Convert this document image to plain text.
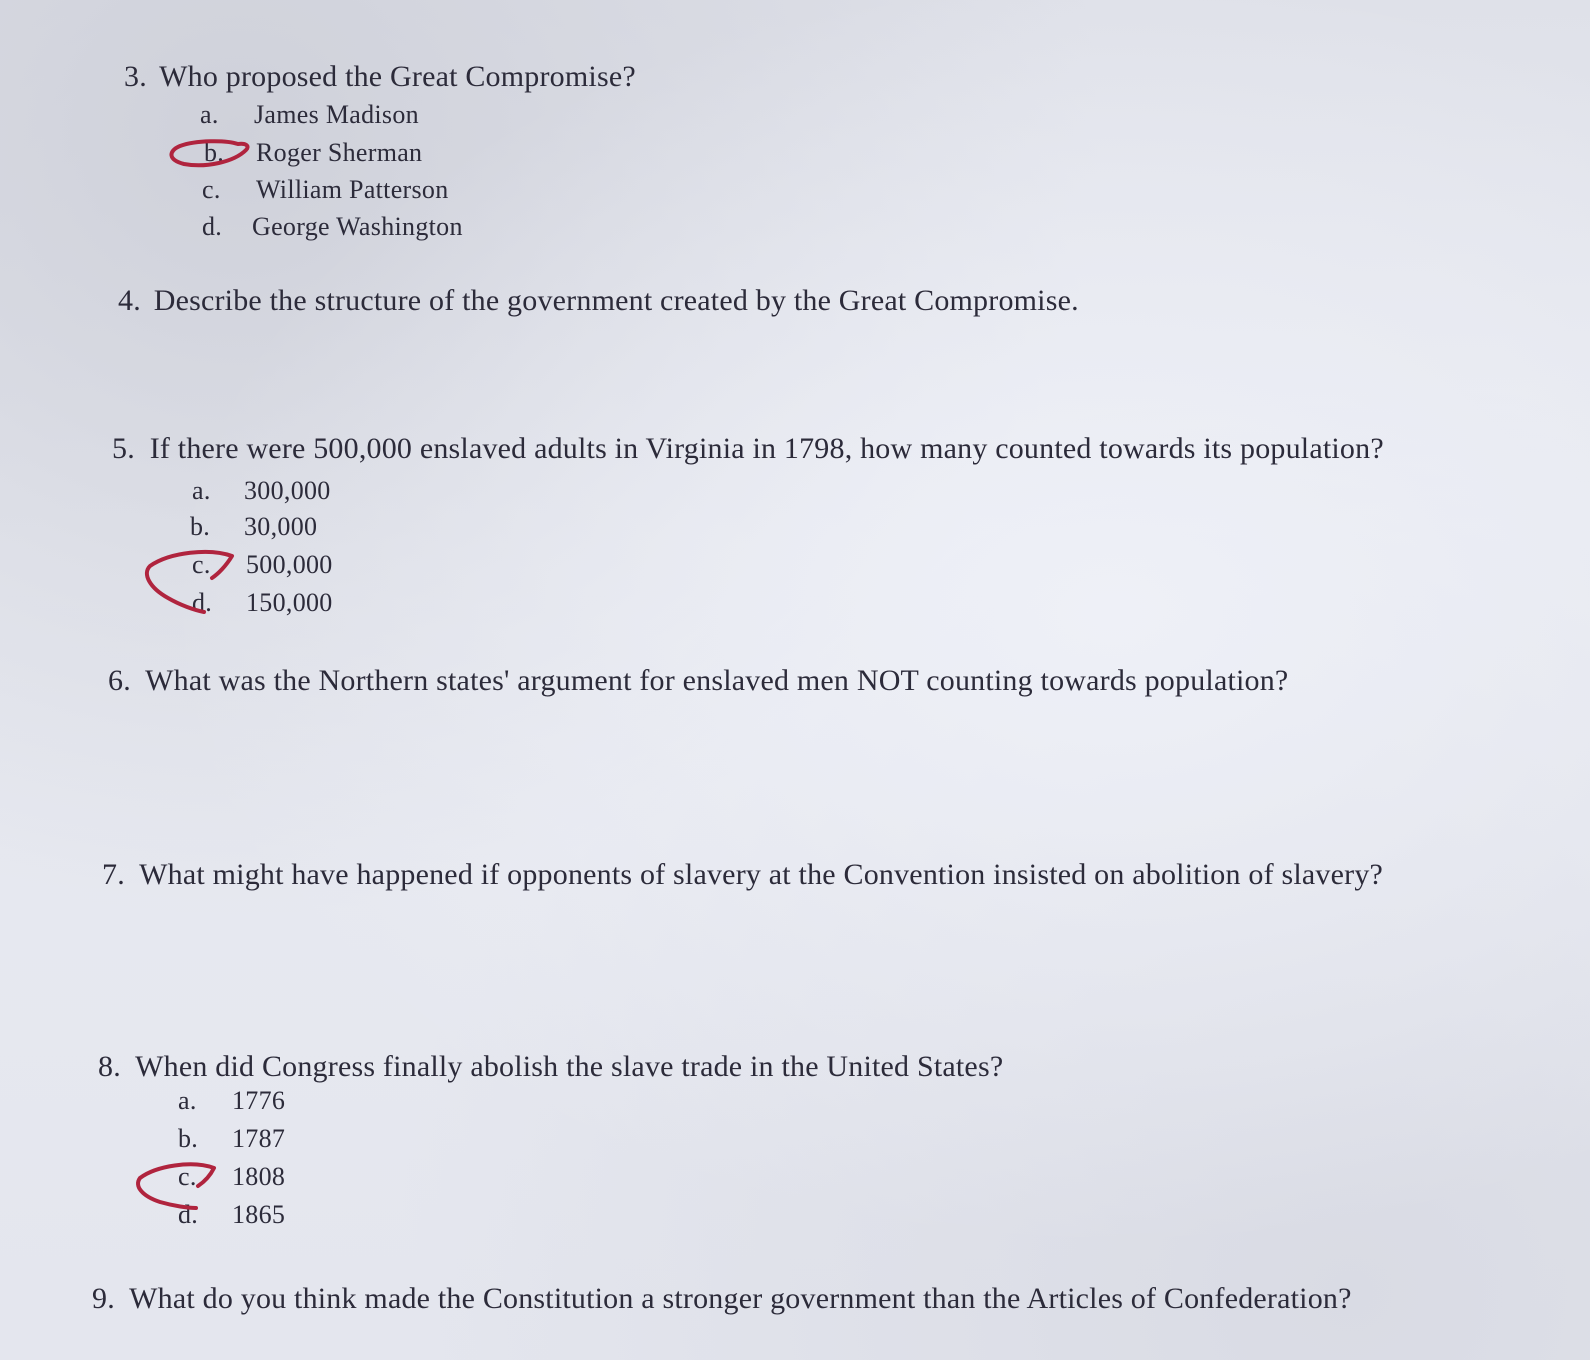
3. Who proposed the Great Compromise?
a. James Madison
b. Roger Sherman
c. William Patterson
d. George Washington
4. Describe the structure of the government created by the Great Compromise.
5. If there were 500,000 enslaved adults in Virginia in 1798, how many counted towards its population?
a. 300,000
b. 30,000
c. 500,000
d. 150,000
6. What was the Northern states' argument for enslaved men NOT counting towards population?
7. What might have happened if opponents of slavery at the Convention insisted on abolition of slavery?
8. When did Congress finally abolish the slave trade in the United States?
a. 1776
b. 1787
c. 1808
d. 1865
9. What do you think made the Constitution a stronger government than the Articles of Confederation?
